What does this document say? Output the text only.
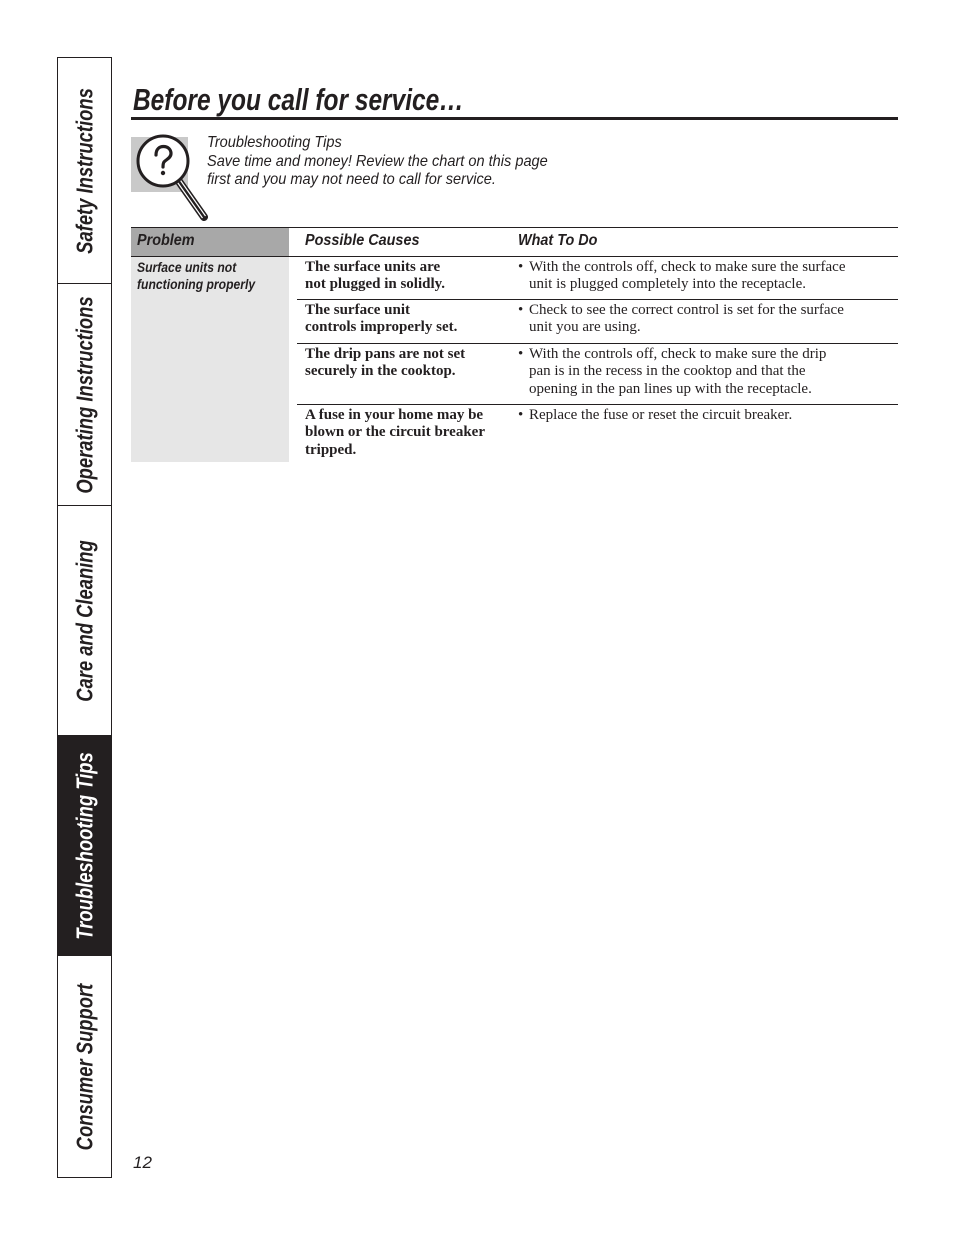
Safety Instructions
Operating Instructions
Care and Cleaning
Troubleshooting Tips
Consumer Support
Before you call for service…
Troubleshooting Tips
Save time and money! Review the chart on this page
first and you may not need to call for service.
Problem	Possible Causes	What To Do
Surface units not
functioning properly
The surface units are
not plugged in solidly.
• With the controls off, check to make sure the surface
unit is plugged completely into the receptacle.
The surface unit
controls improperly set.
• Check to see the correct control is set for the surface
unit you are using.
The drip pans are not set
securely in the cooktop.
• With the controls off, check to make sure the drip
pan is in the recess in the cooktop and that the
opening in the pan lines up with the receptacle.
A fuse in your home may be
blown or the circuit breaker
tripped.
• Replace the fuse or reset the circuit breaker.
12
